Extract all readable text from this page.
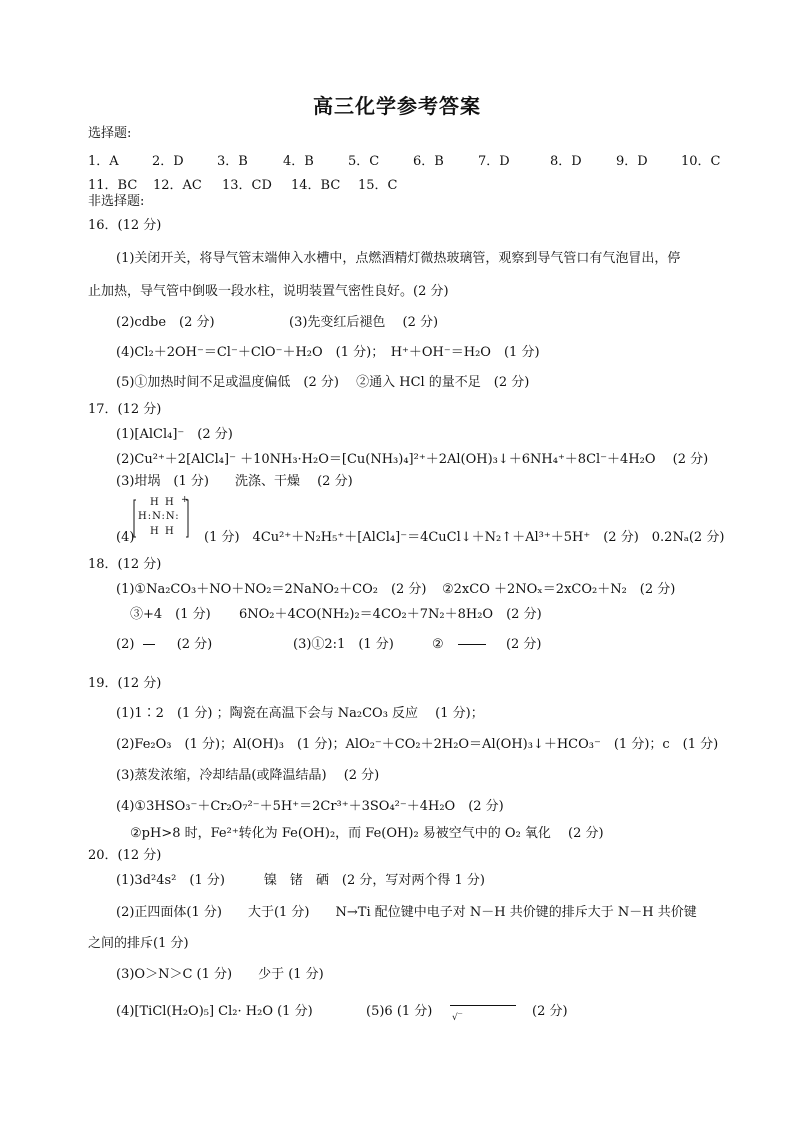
高三化学参考答案
选择题:
1．A	2．D	3．B	4．B	5．C	6．B	7．D	8．D	9．D	10．C
11．BC 12．AC 13．CD 14．BC 15．C
非选择题:
16．(12 分)
(1)关闭开关，将导气管末端伸入水槽中，点燃酒精灯微热玻璃管，观察到导气管口有气泡冒出，停
止加热，导气管中倒吸一段水柱，说明装置气密性良好。(2 分)
(2)cdbe　(2 分)	(3)先变红后褪色　 (2 分)
(4)Cl₂＋2OH⁻＝Cl⁻＋ClO⁻＋H₂O　(1 分)；　H⁺＋OH⁻＝H₂O　(1 分)
(5)①加热时间不足或温度偏低　(2 分)　 ②通入 HCl 的量不足　(2 分)
17．(12 分)
(1)[AlCl₄]⁻　(2 分)
(2)Cu²⁺＋2[AlCl₄]⁻ ＋10NH₃·H₂O＝[Cu(NH₃)₄]²⁺＋2Al(OH)₃↓＋6NH₄⁺＋8Cl⁻＋4H₂O　 (2 分)
(3)坩埚　(1 分)　　洗涤、干燥　 (2 分)
H H +
H:N:N:
H H
(4)	(1 分)　4Cu²⁺＋N₂H₅⁺＋[AlCl₄]⁻＝4CuCl↓＋N₂↑＋Al³⁺＋5H⁺　(2 分)　0.2Nₐ(2 分)
18．(12 分)
(1)①Na₂CO₃＋NO＋NO₂＝2NaNO₂＋CO₂　(2 分) ②2xCO ＋2NOₓ＝2xCO₂＋N₂　(2 分)
③+4　(1 分) 6NO₂＋4CO(NH₂)₂＝4CO₂＋7N₂＋8H₂O　(2 分)
(2)	(2 分)	(3)①2:1　(1 分)	②	(2 分)
19．(12 分)
(1)1∶2　(1 分) ；陶瓷在高温下会与 Na₂CO₃ 反应　 (1 分)；
(2)Fe₂O₃　(1 分)；Al(OH)₃　(1 分)；AlO₂⁻＋CO₂＋2H₂O＝Al(OH)₃↓＋HCO₃⁻　(1 分)；c　(1 分)
(3)蒸发浓缩，冷却结晶(或降温结晶)　 (2 分)
(4)①3HSO₃⁻＋Cr₂O₇²⁻＋5H⁺＝2Cr³⁺＋3SO₄²⁻＋4H₂O　(2 分)
②pH>8 时，Fe²⁺转化为 Fe(OH)₂，而 Fe(OH)₂ 易被空气中的 O₂ 氧化　 (2 分)
20．(12 分)
(1)3d²4s²　(1 分)　　　镍　锗　硒　(2 分，写对两个得 1 分)
(2)正四面体(1 分)　　大于(1 分)　　N→Ti 配位键中电子对 N－H 共价键的排斥大于 N－H 共价键
之间的排斥(1 分)
(3)O＞N＞C (1 分)　　少于 (1 分)
(4)[TiCl(H₂O)₅] Cl₂· H₂O (1 分)	(5)6 (1 分) √‾	(2 分)
